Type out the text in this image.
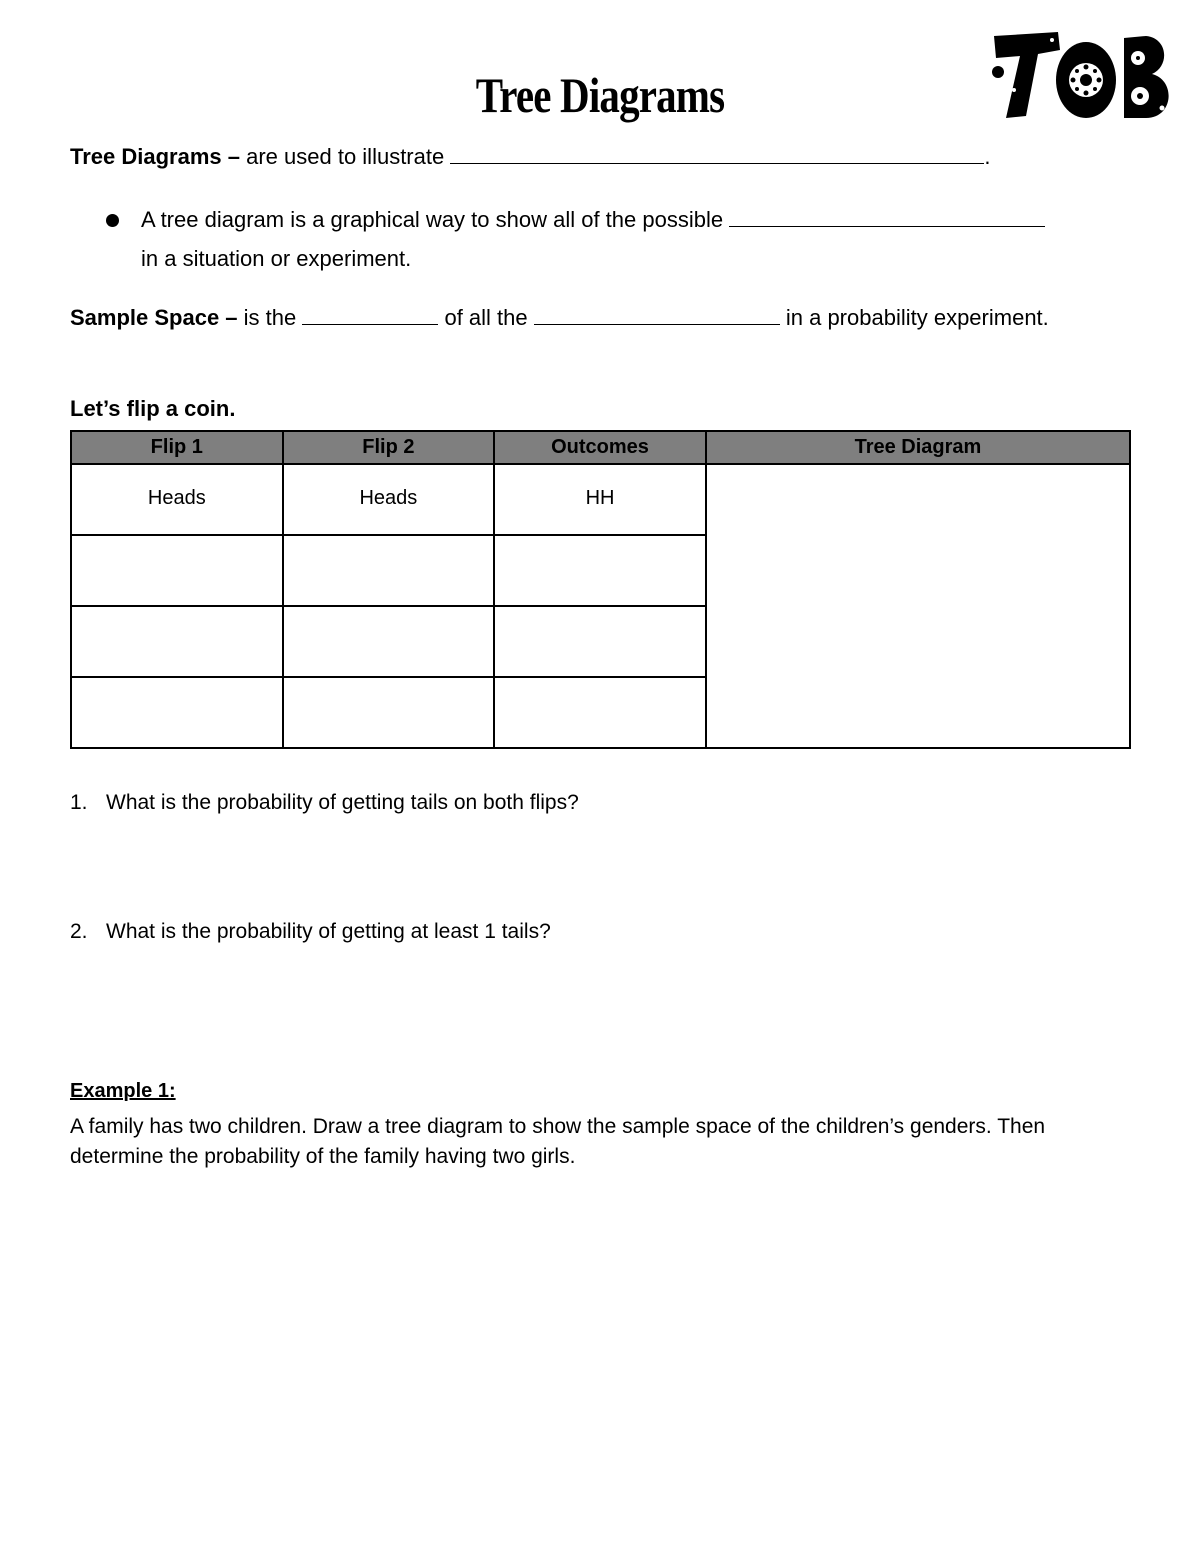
Tree Diagrams
Tree Diagrams – are used to illustrate	.
A tree diagram is a graphical way to show all of the possible
in a situation or experiment.
Sample Space – is the	of all the	in a probability experiment.
Let’s flip a coin.
Flip 1	Flip 2	Outcomes	Tree Diagram

Heads	Heads	HH	

1. What is the probability of getting tails on both flips?
2. What is the probability of getting at least 1 tails?
Example 1:
A family has two children. Draw a tree diagram to show the sample space of the children’s genders. Then determine the probability of the family having two girls.
